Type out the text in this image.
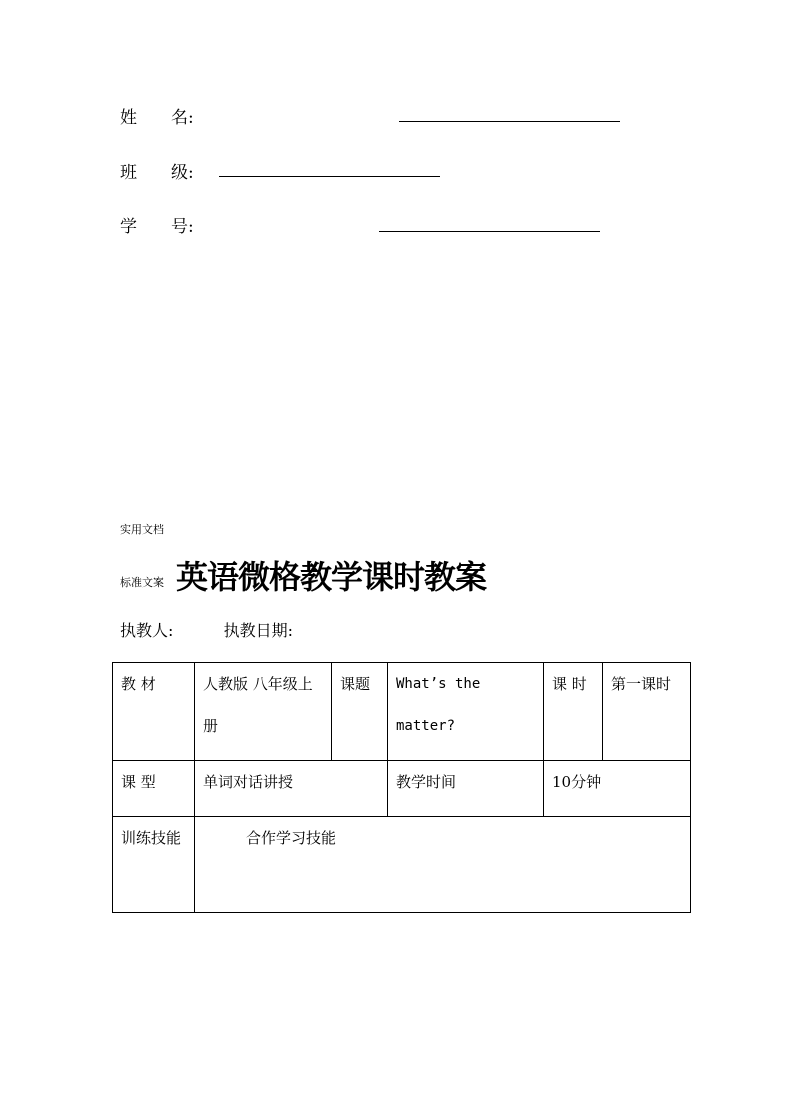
姓　　名:
班　　级:
学　　号:
实用文档
标准文案 英语微格教学课时教案
执教人:	执教日期:
教 材	人教版 八年级上册	课题	What’s the matter?	课 时	第一课时

课 型	单词对话讲授		教学时间	10分钟	

训练技能	合作学习技能				
